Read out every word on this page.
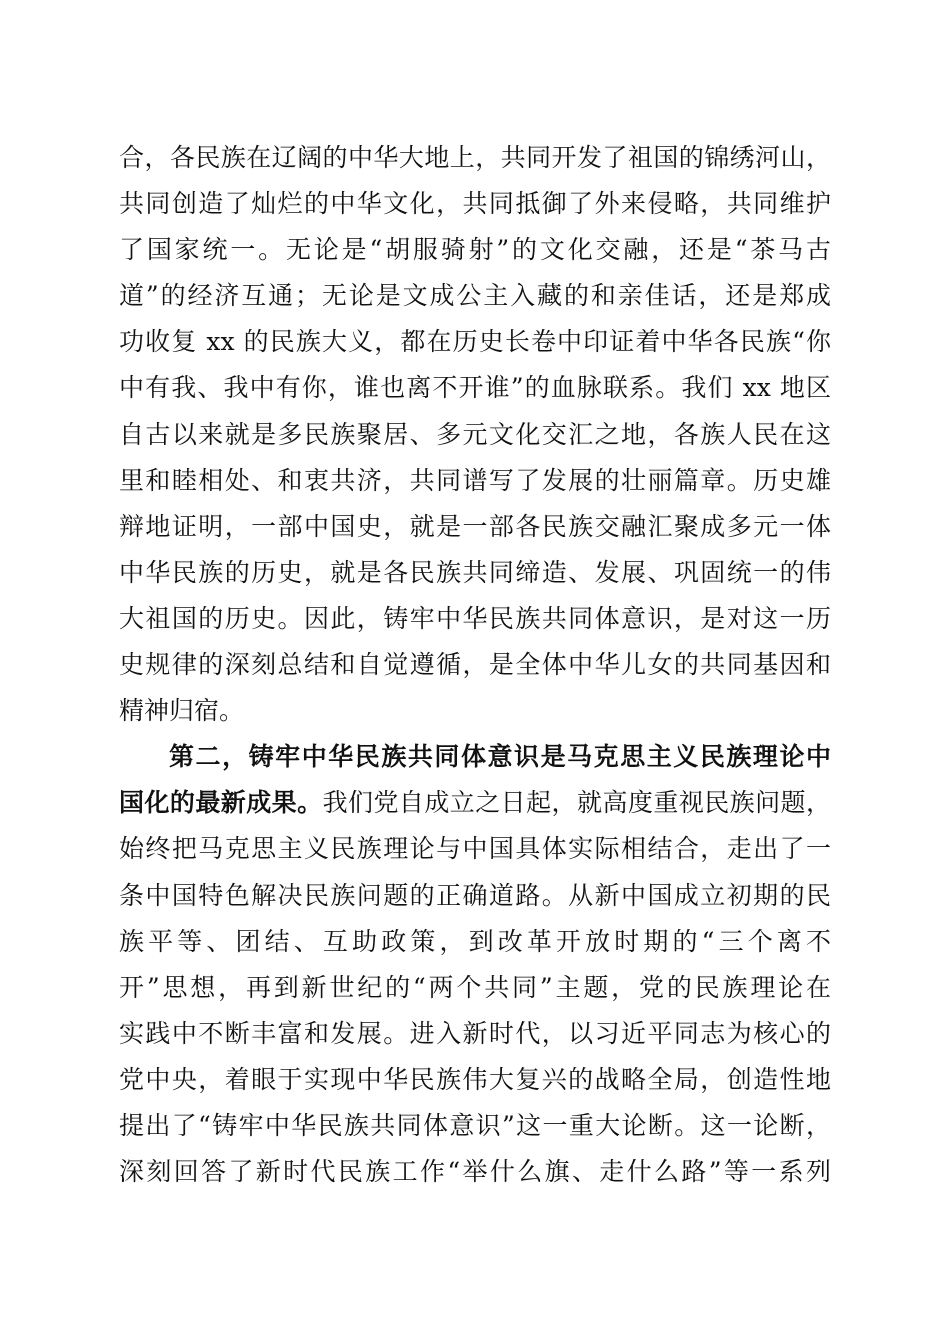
合，各民族在辽阔的中华大地上，共同开发了祖国的锦绣河山，
共同创造了灿烂的中华文化，共同抵御了外来侵略，共同维护
了国家统一。无论是“胡服骑射”的文化交融，还是“茶马古
道”的经济互通；无论是文成公主入藏的和亲佳话，还是郑成
功收复 xx 的民族大义，都在历史长卷中印证着中华各民族“你
中有我、我中有你，谁也离不开谁”的血脉联系。我们 xx 地区
自古以来就是多民族聚居、多元文化交汇之地，各族人民在这
里和睦相处、和衷共济，共同谱写了发展的壮丽篇章。历史雄
辩地证明，一部中国史，就是一部各民族交融汇聚成多元一体
中华民族的历史，就是各民族共同缔造、发展、巩固统一的伟
大祖国的历史。因此，铸牢中华民族共同体意识，是对这一历
史规律的深刻总结和自觉遵循，是全体中华儿女的共同基因和
精神归宿。
第二，铸牢中华民族共同体意识是马克思主义民族理论中
国化的最新成果。我们党自成立之日起，就高度重视民族问题，
始终把马克思主义民族理论与中国具体实际相结合，走出了一
条中国特色解决民族问题的正确道路。从新中国成立初期的民
族平等、团结、互助政策，到改革开放时期的“三个离不
开”思想，再到新世纪的“两个共同”主题，党的民族理论在
实践中不断丰富和发展。进入新时代，以习近平同志为核心的
党中央，着眼于实现中华民族伟大复兴的战略全局，创造性地
提出了“铸牢中华民族共同体意识”这一重大论断。这一论断，
深刻回答了新时代民族工作“举什么旗、走什么路”等一系列
